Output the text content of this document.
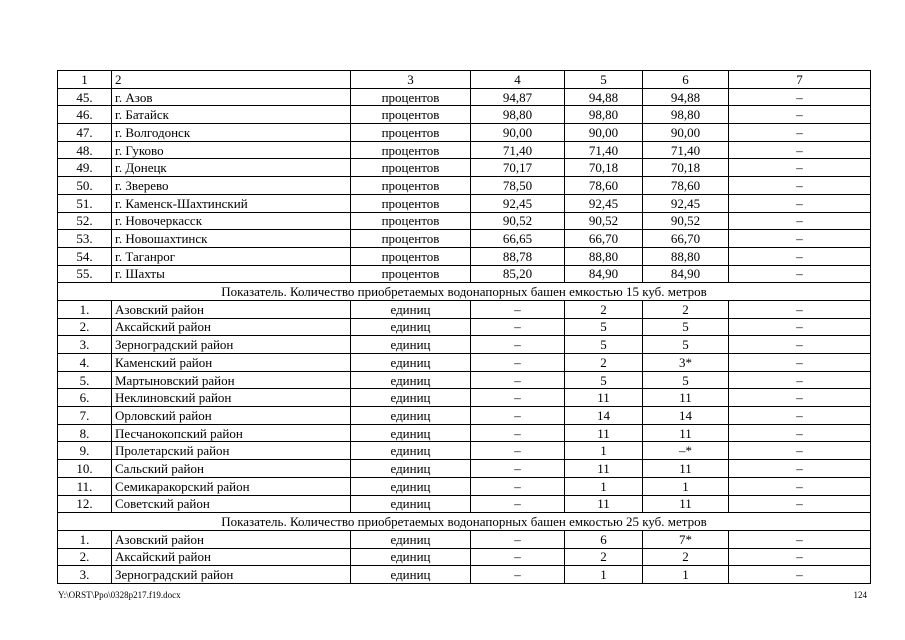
1	2	3	4	5	6	7
45.	г. Азов	процентов	94,87	94,88	94,88	–
46.	г. Батайск	процентов	98,80	98,80	98,80	–
47.	г. Волгодонск	процентов	90,00	90,00	90,00	–
48.	г. Гуково	процентов	71,40	71,40	71,40	–
49.	г. Донецк	процентов	70,17	70,18	70,18	–
50.	г. Зверево	процентов	78,50	78,60	78,60	–
51.	г. Каменск-Шахтинский	процентов	92,45	92,45	92,45	–
52.	г. Новочеркасск	процентов	90,52	90,52	90,52	–
53.	г. Новошахтинск	процентов	66,65	66,70	66,70	–
54.	г. Таганрог	процентов	88,78	88,80	88,80	–
55.	г. Шахты	процентов	85,20	84,90	84,90	–
Показатель. Количество приобретаемых водонапорных башен емкостью 15 куб. метров						
1.	Азовский район	единиц	–	2	2	–
2.	Аксайский район	единиц	–	5	5	–
3.	Зерноградский район	единиц	–	5	5	–
4.	Каменский район	единиц	–	2	3*	–
5.	Мартыновский район	единиц	–	5	5	–
6.	Неклиновский район	единиц	–	11	11	–
7.	Орловский район	единиц	–	14	14	–
8.	Песчанокопский район	единиц	–	11	11	–
9.	Пролетарский район	единиц	–	1	–*	–
10.	Сальский район	единиц	–	11	11	–
11.	Семикаракорский район	единиц	–	1	1	–
12.	Советский район	единиц	–	11	11	–
Показатель. Количество приобретаемых водонапорных башен емкостью 25 куб. метров						
1.	Азовский район	единиц	–	6	7*	–
2.	Аксайский район	единиц	–	2	2	–
3.	Зерноградский район	единиц	–	1	1	–
Y:\ORST\Ppo\0328p217.f19.docx	124
